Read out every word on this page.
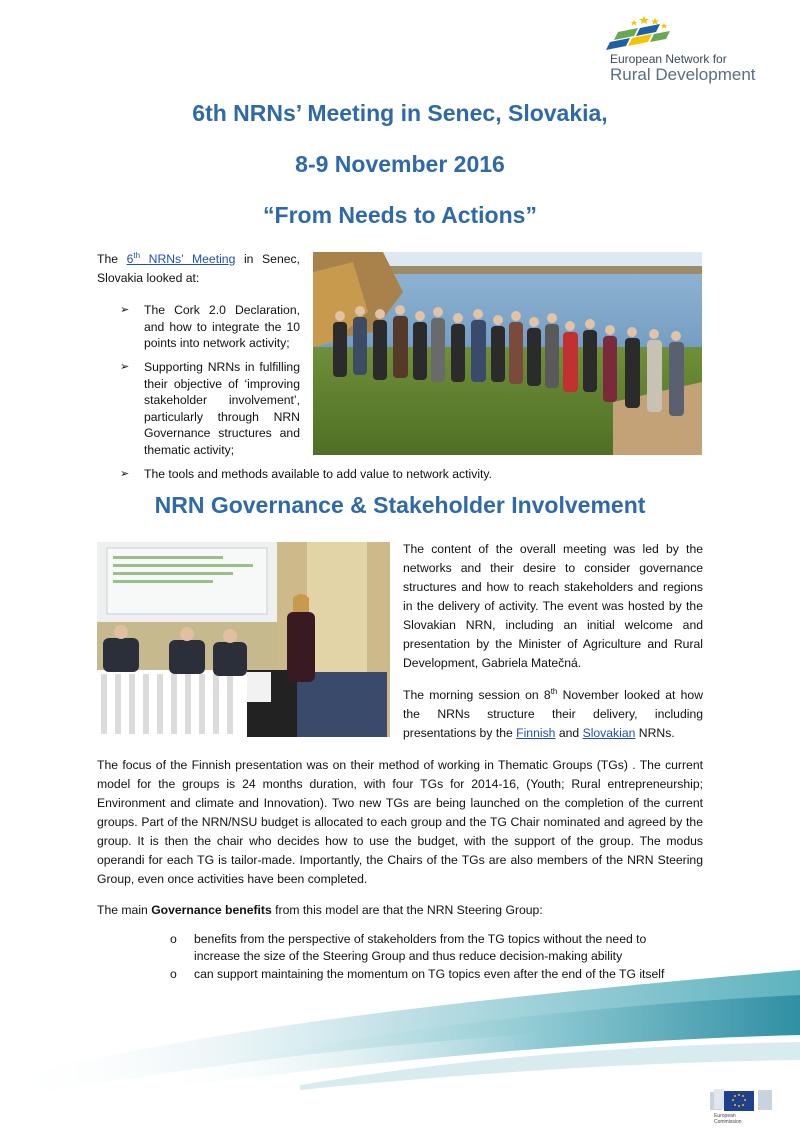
European Network for
Rural Development
6th NRNs’ Meeting in Senec, Slovakia,
8-9 November 2016
“From Needs to Actions”
The 6th NRNs’ Meeting in Senec, Slovakia looked at:
➢ The Cork 2.0 Declaration, and how to integrate the 10 points into network activity;
➢ Supporting NRNs in fulfilling their objective of ‘improving stakeholder involvement’, particularly through NRN Governance structures and thematic activity;
➢ The tools and methods available to add value to network activity.
NRN Governance & Stakeholder Involvement
The content of the overall meeting was led by the networks and their desire to consider governance structures and how to reach stakeholders and regions in the delivery of activity. The event was hosted by the Slovakian NRN, including an initial welcome and presentation by the Minister of Agriculture and Rural Development, Gabriela Matečná.
The morning session on 8th November looked at how the NRNs structure their delivery, including presentations by the Finnish and Slovakian NRNs.
The focus of the Finnish presentation was on their method of working in Thematic Groups (TGs) . The current model for the groups is 24 months duration, with four TGs for 2014-16, (Youth; Rural entrepreneurship; Environment and climate and Innovation). Two new TGs are being launched on the completion of the current groups. Part of the NRN/NSU budget is allocated to each group and the TG Chair nominated and agreed by the group. It is then the chair who decides how to use the budget, with the support of the group. The modus operandi for each TG is tailor-made. Importantly, the Chairs of the TGs are also members of the NRN Steering Group, even once activities have been completed.
The main Governance benefits from this model are that the NRN Steering Group:
o benefits from the perspective of stakeholders from the TG topics without the need to increase the size of the Steering Group and thus reduce decision-making ability
o can support maintaining the momentum on TG topics even after the end of the TG itself
European
Commission
